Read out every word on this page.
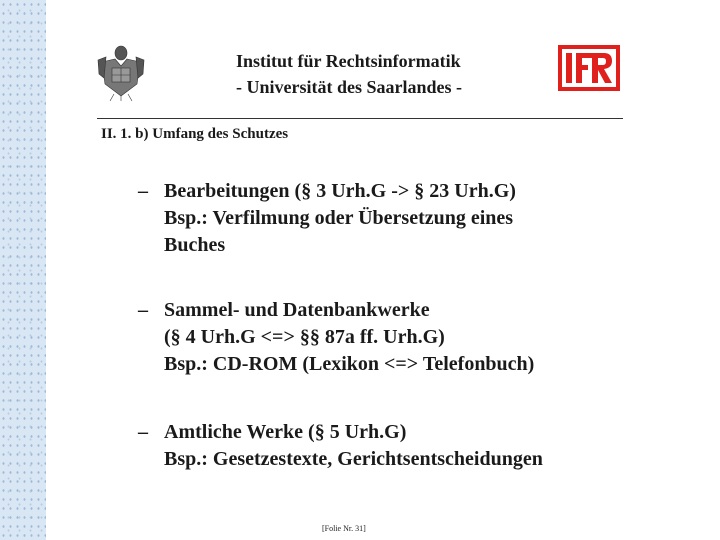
Institut für Rechtsinformatik
- Universität des Saarlandes -
II. 1. b) Umfang des Schutzes
– Bearbeitungen (§ 3 Urh.G -> § 23 Urh.G)
Bsp.: Verfilmung oder Übersetzung eines
Buches
– Sammel- und Datenbankwerke
(§ 4 Urh.G <=> §§ 87a ff. Urh.G)
Bsp.: CD-ROM (Lexikon <=> Telefonbuch)
– Amtliche Werke (§ 5 Urh.G)
Bsp.: Gesetzestexte, Gerichtsentscheidungen
[Folie Nr. 31]
